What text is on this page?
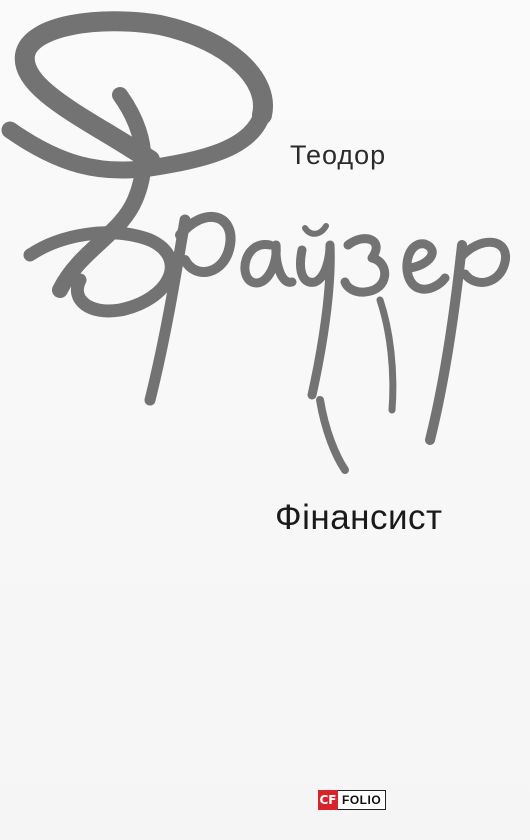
Теодор
Фінансист
CF FOLIO
